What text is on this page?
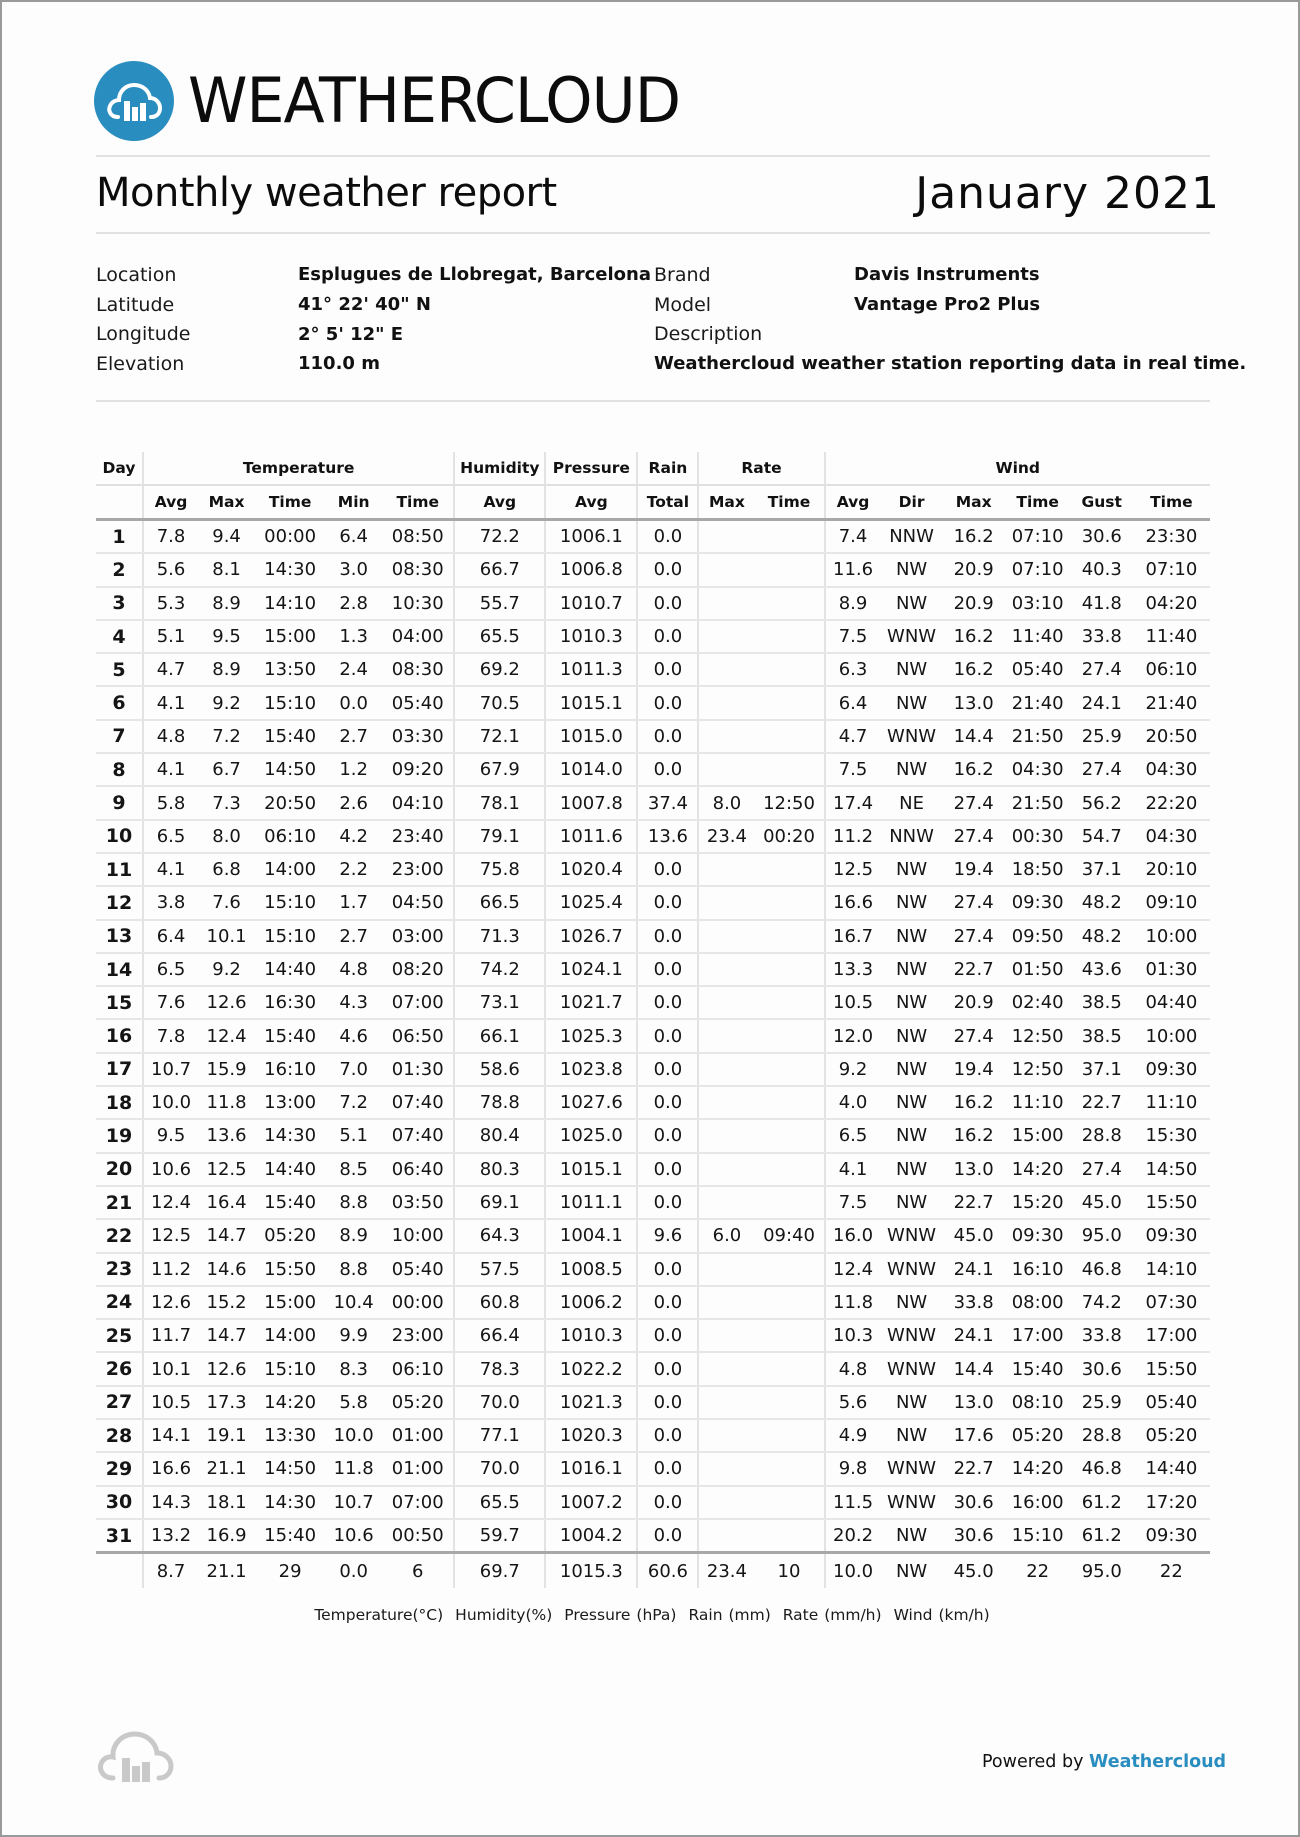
WEATHERCLOUD
Monthly weather report	January 2021
Location	Esplugues de Llobregat, Barcelona
Latitude	41° 22' 40" N
Longitude	2° 5' 12" E
Elevation	110.0 m
Brand	Davis Instruments
Model	Vantage Pro2 Plus
Description
Weathercloud weather station reporting data in real time.
Day	Temperature					Humidity	Pressure	Rain	Rate		Wind					
	Avg	Max	Time	Min	Time	Avg	Avg	Total	Max	Time	Avg	Dir	Max	Time	Gust	Time
1	7.8	9.4	00:00	6.4	08:50	72.2	1006.1	0.0			7.4	NNW	16.2	07:10	30.6	23:30
2	5.6	8.1	14:30	3.0	08:30	66.7	1006.8	0.0			11.6	NW	20.9	07:10	40.3	07:10
3	5.3	8.9	14:10	2.8	10:30	55.7	1010.7	0.0			8.9	NW	20.9	03:10	41.8	04:20
4	5.1	9.5	15:00	1.3	04:00	65.5	1010.3	0.0			7.5	WNW	16.2	11:40	33.8	11:40
5	4.7	8.9	13:50	2.4	08:30	69.2	1011.3	0.0			6.3	NW	16.2	05:40	27.4	06:10
6	4.1	9.2	15:10	0.0	05:40	70.5	1015.1	0.0			6.4	NW	13.0	21:40	24.1	21:40
7	4.8	7.2	15:40	2.7	03:30	72.1	1015.0	0.0			4.7	WNW	14.4	21:50	25.9	20:50
8	4.1	6.7	14:50	1.2	09:20	67.9	1014.0	0.0			7.5	NW	16.2	04:30	27.4	04:30
9	5.8	7.3	20:50	2.6	04:10	78.1	1007.8	37.4	8.0	12:50	17.4	NE	27.4	21:50	56.2	22:20
10	6.5	8.0	06:10	4.2	23:40	79.1	1011.6	13.6	23.4	00:20	11.2	NNW	27.4	00:30	54.7	04:30
11	4.1	6.8	14:00	2.2	23:00	75.8	1020.4	0.0			12.5	NW	19.4	18:50	37.1	20:10
12	3.8	7.6	15:10	1.7	04:50	66.5	1025.4	0.0			16.6	NW	27.4	09:30	48.2	09:10
13	6.4	10.1	15:10	2.7	03:00	71.3	1026.7	0.0			16.7	NW	27.4	09:50	48.2	10:00
14	6.5	9.2	14:40	4.8	08:20	74.2	1024.1	0.0			13.3	NW	22.7	01:50	43.6	01:30
15	7.6	12.6	16:30	4.3	07:00	73.1	1021.7	0.0			10.5	NW	20.9	02:40	38.5	04:40
16	7.8	12.4	15:40	4.6	06:50	66.1	1025.3	0.0			12.0	NW	27.4	12:50	38.5	10:00
17	10.7	15.9	16:10	7.0	01:30	58.6	1023.8	0.0			9.2	NW	19.4	12:50	37.1	09:30
18	10.0	11.8	13:00	7.2	07:40	78.8	1027.6	0.0			4.0	NW	16.2	11:10	22.7	11:10
19	9.5	13.6	14:30	5.1	07:40	80.4	1025.0	0.0			6.5	NW	16.2	15:00	28.8	15:30
20	10.6	12.5	14:40	8.5	06:40	80.3	1015.1	0.0			4.1	NW	13.0	14:20	27.4	14:50
21	12.4	16.4	15:40	8.8	03:50	69.1	1011.1	0.0			7.5	NW	22.7	15:20	45.0	15:50
22	12.5	14.7	05:20	8.9	10:00	64.3	1004.1	9.6	6.0	09:40	16.0	WNW	45.0	09:30	95.0	09:30
23	11.2	14.6	15:50	8.8	05:40	57.5	1008.5	0.0			12.4	WNW	24.1	16:10	46.8	14:10
24	12.6	15.2	15:00	10.4	00:00	60.8	1006.2	0.0			11.8	NW	33.8	08:00	74.2	07:30
25	11.7	14.7	14:00	9.9	23:00	66.4	1010.3	0.0			10.3	WNW	24.1	17:00	33.8	17:00
26	10.1	12.6	15:10	8.3	06:10	78.3	1022.2	0.0			4.8	WNW	14.4	15:40	30.6	15:50
27	10.5	17.3	14:20	5.8	05:20	70.0	1021.3	0.0			5.6	NW	13.0	08:10	25.9	05:40
28	14.1	19.1	13:30	10.0	01:00	77.1	1020.3	0.0			4.9	NW	17.6	05:20	28.8	05:20
29	16.6	21.1	14:50	11.8	01:00	70.0	1016.1	0.0			9.8	WNW	22.7	14:20	46.8	14:40
30	14.3	18.1	14:30	10.7	07:00	65.5	1007.2	0.0			11.5	WNW	30.6	16:00	61.2	17:20
31	13.2	16.9	15:40	10.6	00:50	59.7	1004.2	0.0			20.2	NW	30.6	15:10	61.2	09:30
	8.7	21.1	29	0.0	6	69.7	1015.3	60.6	23.4	10	10.0	NW	45.0	22	95.0	22
Temperature(°C) Humidity(%) Pressure (hPa) Rain (mm) Rate (mm/h) Wind (km/h)
Powered by Weathercloud
